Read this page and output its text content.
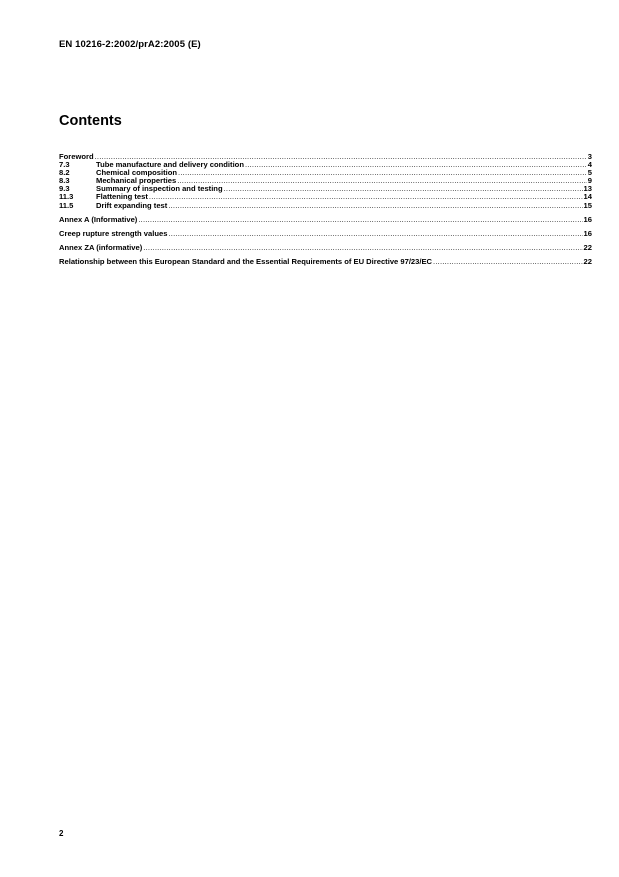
EN 10216-2:2002/prA2:2005 (E)
Contents
Foreword .....	3
7.3	Tube manufacture and delivery condition .....	4
8.2	Chemical composition .....	5
8.3	Mechanical properties .....	9
9.3	Summary of inspection and testing .....	13
11.3	Flattening test .....	14
11.5	Drift expanding test .....	15
Annex A (Informative) .....	16
Creep rupture strength values .....	16
Annex ZA (informative) .....	22
Relationship between this European Standard and the Essential Requirements of EU Directive 97/23/EC .....	22
2
